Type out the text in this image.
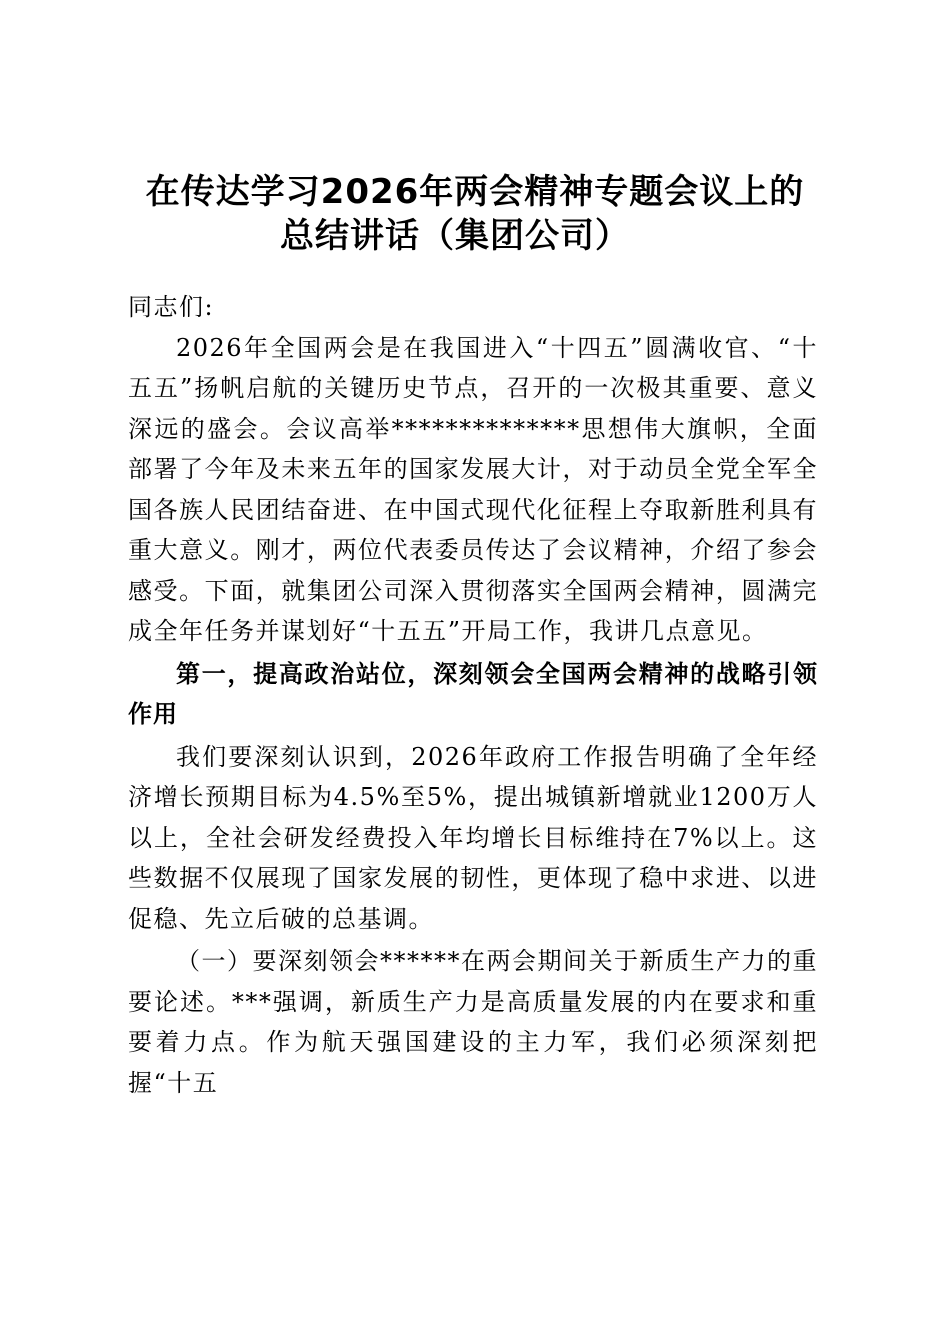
在传达学习2026年两会精神专题会议上的
总结讲话（集团公司）

同志们:

2026年全国两会是在我国进入“十四五”圆满收官、“十五五”扬帆启航的关键历史节点，召开的一次极其重要、意义深远的盛会。会议高举**************思想伟大旗帜，全面部署了今年及未来五年的国家发展大计，对于动员全党全军全国各族人民团结奋进、在中国式现代化征程上夺取新胜利具有重大意义。刚才，两位代表委员传达了会议精神，介绍了参会感受。下面，就集团公司深入贯彻落实全国两会精神，圆满完成全年任务并谋划好“十五五”开局工作，我讲几点意见。

第一，提高政治站位，深刻领会全国两会精神的战略引领作用

我们要深刻认识到，2026年政府工作报告明确了全年经济增长预期目标为4.5%至5%，提出城镇新增就业1200万人以上，全社会研发经费投入年均增长目标维持在7%以上。这些数据不仅展现了国家发展的韧性，更体现了稳中求进、以进促稳、先立后破的总基调。

（一）要深刻领会******在两会期间关于新质生产力的重要论述。***强调，新质生产力是高质量发展的内在要求和重要着力点。作为航天强国建设的主力军，我们必须深刻把握“十五
